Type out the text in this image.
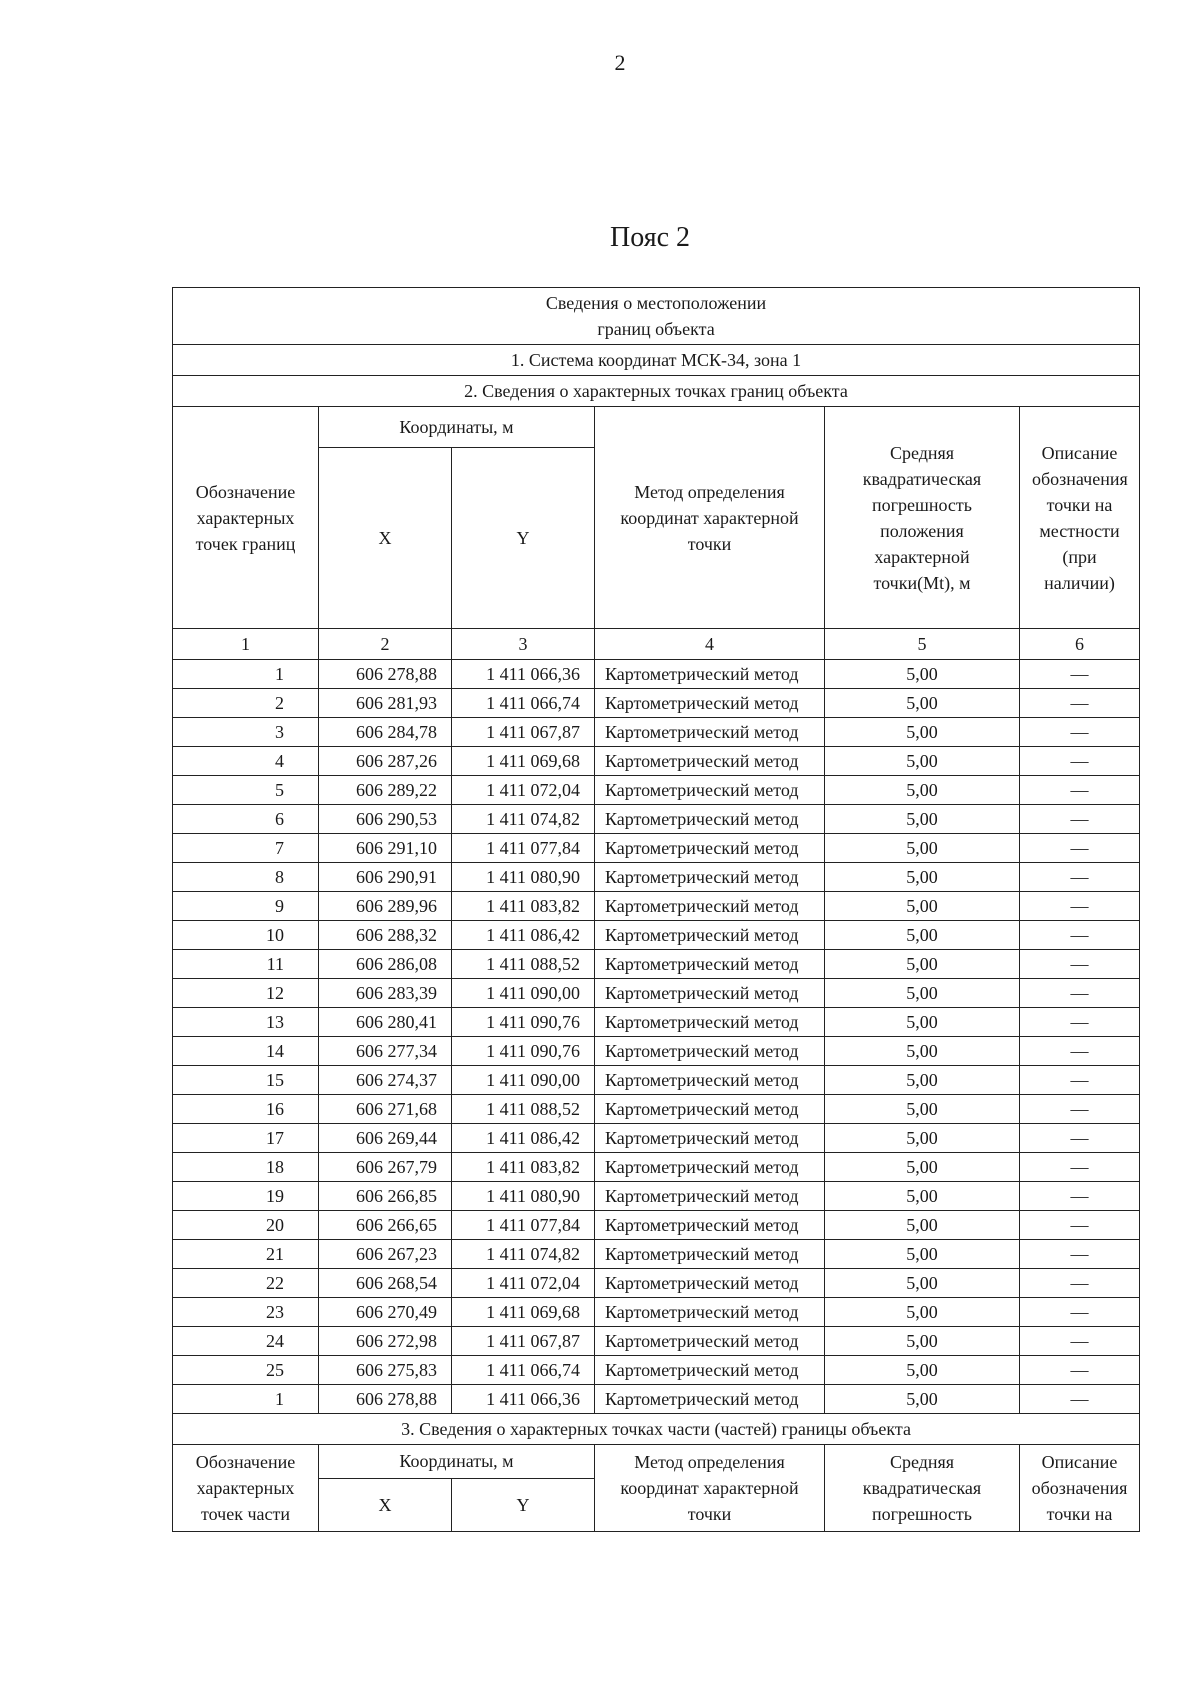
2
Пояс 2
Сведения о местоположении границ объекта					
1. Система координат МСК-34, зона 1					
2. Сведения о характерных точках границ объекта					
Обозначение характерных точек границ	Координаты, м		Метод определения координат характерной точки	Средняя квадратическая погрешность положения характерной точки(Mt), м	Описание обозначения точки на местности (при наличии)
	X	Y			
1	2	3	4	5	6
1	606 278,88	1 411 066,36	Картометрический метод	5,00	—
2	606 281,93	1 411 066,74	Картометрический метод	5,00	—
3	606 284,78	1 411 067,87	Картометрический метод	5,00	—
4	606 287,26	1 411 069,68	Картометрический метод	5,00	—
5	606 289,22	1 411 072,04	Картометрический метод	5,00	—
6	606 290,53	1 411 074,82	Картометрический метод	5,00	—
7	606 291,10	1 411 077,84	Картометрический метод	5,00	—
8	606 290,91	1 411 080,90	Картометрический метод	5,00	—
9	606 289,96	1 411 083,82	Картометрический метод	5,00	—
10	606 288,32	1 411 086,42	Картометрический метод	5,00	—
11	606 286,08	1 411 088,52	Картометрический метод	5,00	—
12	606 283,39	1 411 090,00	Картометрический метод	5,00	—
13	606 280,41	1 411 090,76	Картометрический метод	5,00	—
14	606 277,34	1 411 090,76	Картометрический метод	5,00	—
15	606 274,37	1 411 090,00	Картометрический метод	5,00	—
16	606 271,68	1 411 088,52	Картометрический метод	5,00	—
17	606 269,44	1 411 086,42	Картометрический метод	5,00	—
18	606 267,79	1 411 083,82	Картометрический метод	5,00	—
19	606 266,85	1 411 080,90	Картометрический метод	5,00	—
20	606 266,65	1 411 077,84	Картометрический метод	5,00	—
21	606 267,23	1 411 074,82	Картометрический метод	5,00	—
22	606 268,54	1 411 072,04	Картометрический метод	5,00	—
23	606 270,49	1 411 069,68	Картометрический метод	5,00	—
24	606 272,98	1 411 067,87	Картометрический метод	5,00	—
25	606 275,83	1 411 066,74	Картометрический метод	5,00	—
1	606 278,88	1 411 066,36	Картометрический метод	5,00	—
3. Сведения о характерных точках части (частей) границы объекта					
Обозначение характерных точек части	Координаты, м		Метод определения координат характерной точки	Средняя квадратическая погрешность	Описание обозначения точки на
	X	Y			
